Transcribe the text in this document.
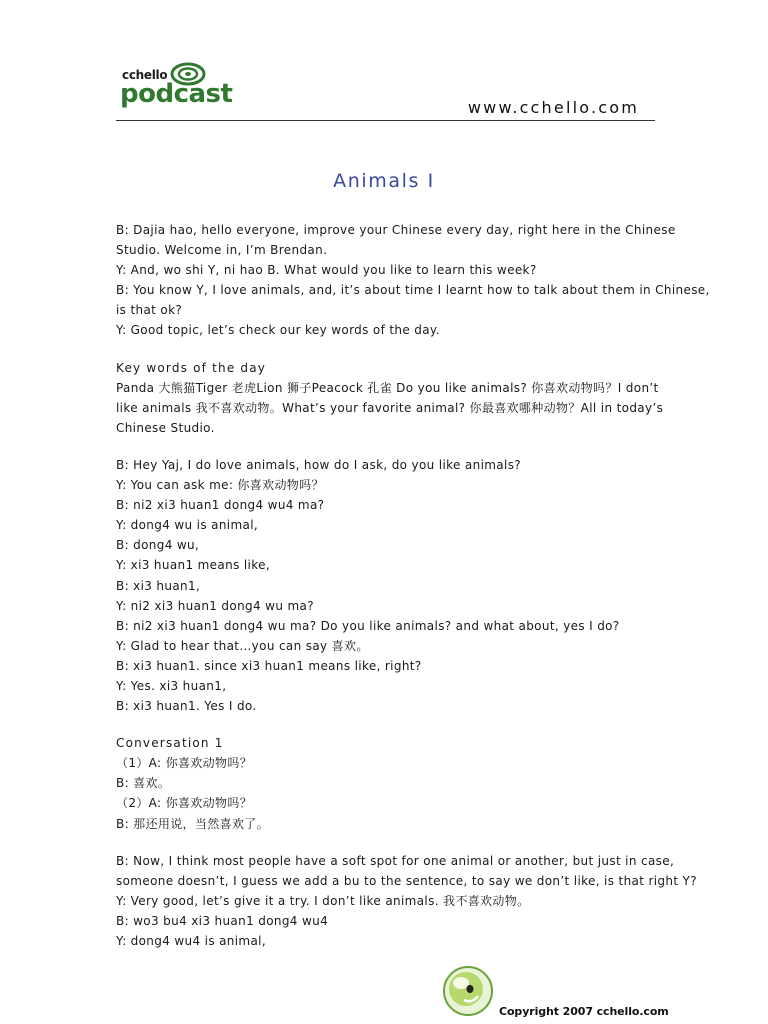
cchello
podcast	www.cchello.com
Animals I

B: Dajia hao, hello everyone, improve your Chinese every day, right here in the Chinese

Studio. Welcome in, I’m Brendan.

Y: And, wo shi Y, ni hao B. What would you like to learn this week?

B: You know Y, I love animals, and, it’s about time I learnt how to talk about them in Chinese,

is that ok?

Y: Good topic, let’s check our key words of the day.

Key words of the day

Panda 大熊猫Tiger 老虎Lion 狮子Peacock 孔雀 Do you like animals? 你喜欢动物吗？I don’t

like animals 我不喜欢动物。What’s your favorite animal? 你最喜欢哪种动物？All in today’s

Chinese Studio.

B: Hey Yaj, I do love animals, how do I ask, do you like animals?

Y: You can ask me: 你喜欢动物吗？

B: ni2 xi3 huan1 dong4 wu4 ma?

Y: dong4 wu is animal,

B: dong4 wu,

Y: xi3 huan1 means like,

B: xi3 huan1,

Y: ni2 xi3 huan1 dong4 wu ma?

B: ni2 xi3 huan1 dong4 wu ma? Do you like animals? and what about, yes I do?

Y: Glad to hear that…you can say 喜欢。

B: xi3 huan1. since xi3 huan1 means like, right?

Y: Yes. xi3 huan1,

B: xi3 huan1. Yes I do.

Conversation 1

（1）A: 你喜欢动物吗？

B: 喜欢。

（2）A: 你喜欢动物吗？

B: 那还用说，当然喜欢了。

B: Now, I think most people have a soft spot for one animal or another, but just in case,

someone doesn’t, I guess we add a bu to the sentence, to say we don’t like, is that right Y?

Y: Very good, let’s give it a try. I don’t like animals. 我不喜欢动物。

B: wo3 bu4 xi3 huan1 dong4 wu4

Y: dong4 wu4 is animal,

Copyright 2007 cchello.com
